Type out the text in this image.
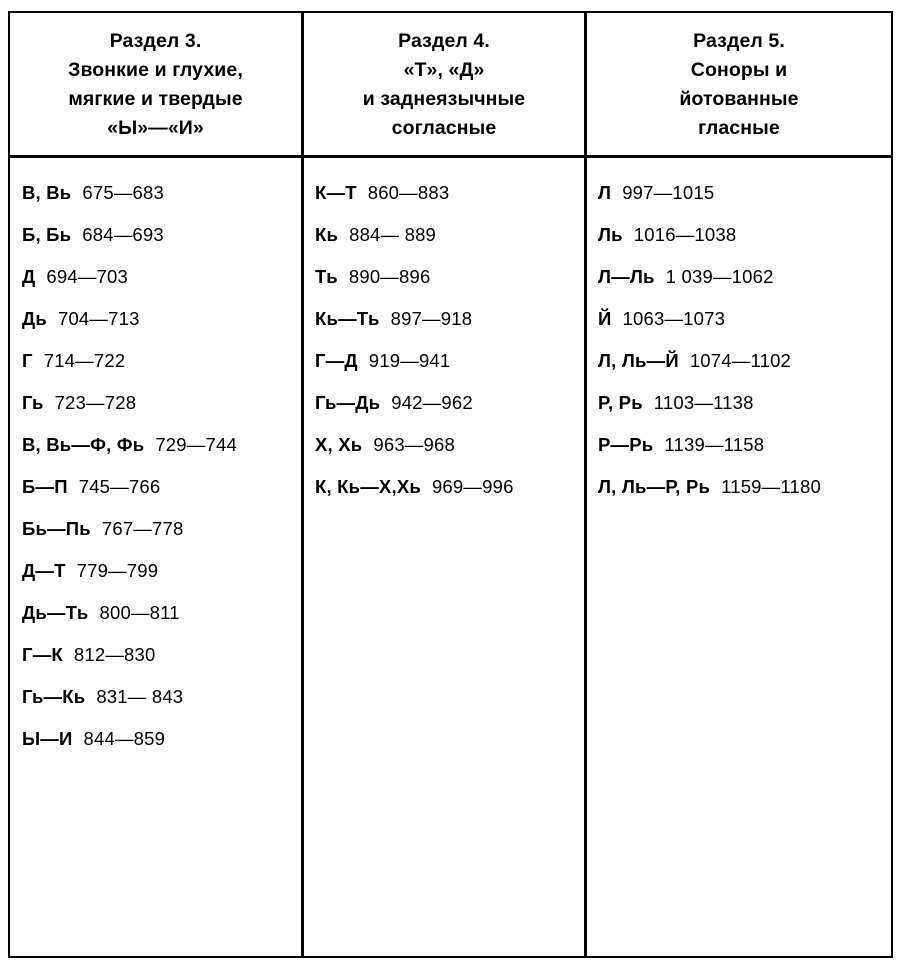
Раздел 3.
Звонкие и глухие,
мягкие и твердые
«Ы»—«И»
Раздел 4.
«Т», «Д»
и заднеязычные
согласные
Раздел 5.
Соноры и
йотованные
гласные
В, Вь 675—683
Б, Бь 684—693
Д 694—703
Дь 704—713
Г 714—722
Гь 723—728
В, Вь—Ф, Фь 729—744
Б—П 745—766
Бь—Пь 767—778
Д—Т 779—799
Дь—Ть 800—811
Г—К 812—830
Гь—Кь 831— 843
Ы—И 844—859
К—Т 860—883
Кь 884— 889
Ть 890—896
Кь—Ть 897—918
Г—Д 919—941
Гь—Дь 942—962
Х, Хь 963—968
К, Кь—Х,Хь 969—996
Л 997—1015
Ль 1016—1038
Л—Ль 1 039—1062
Й 1063—1073
Л, Ль—Й 1074—1102
Р, Рь 1103—1138
Р—Рь 1139—1158
Л, Ль—Р, Рь 1159—1180
